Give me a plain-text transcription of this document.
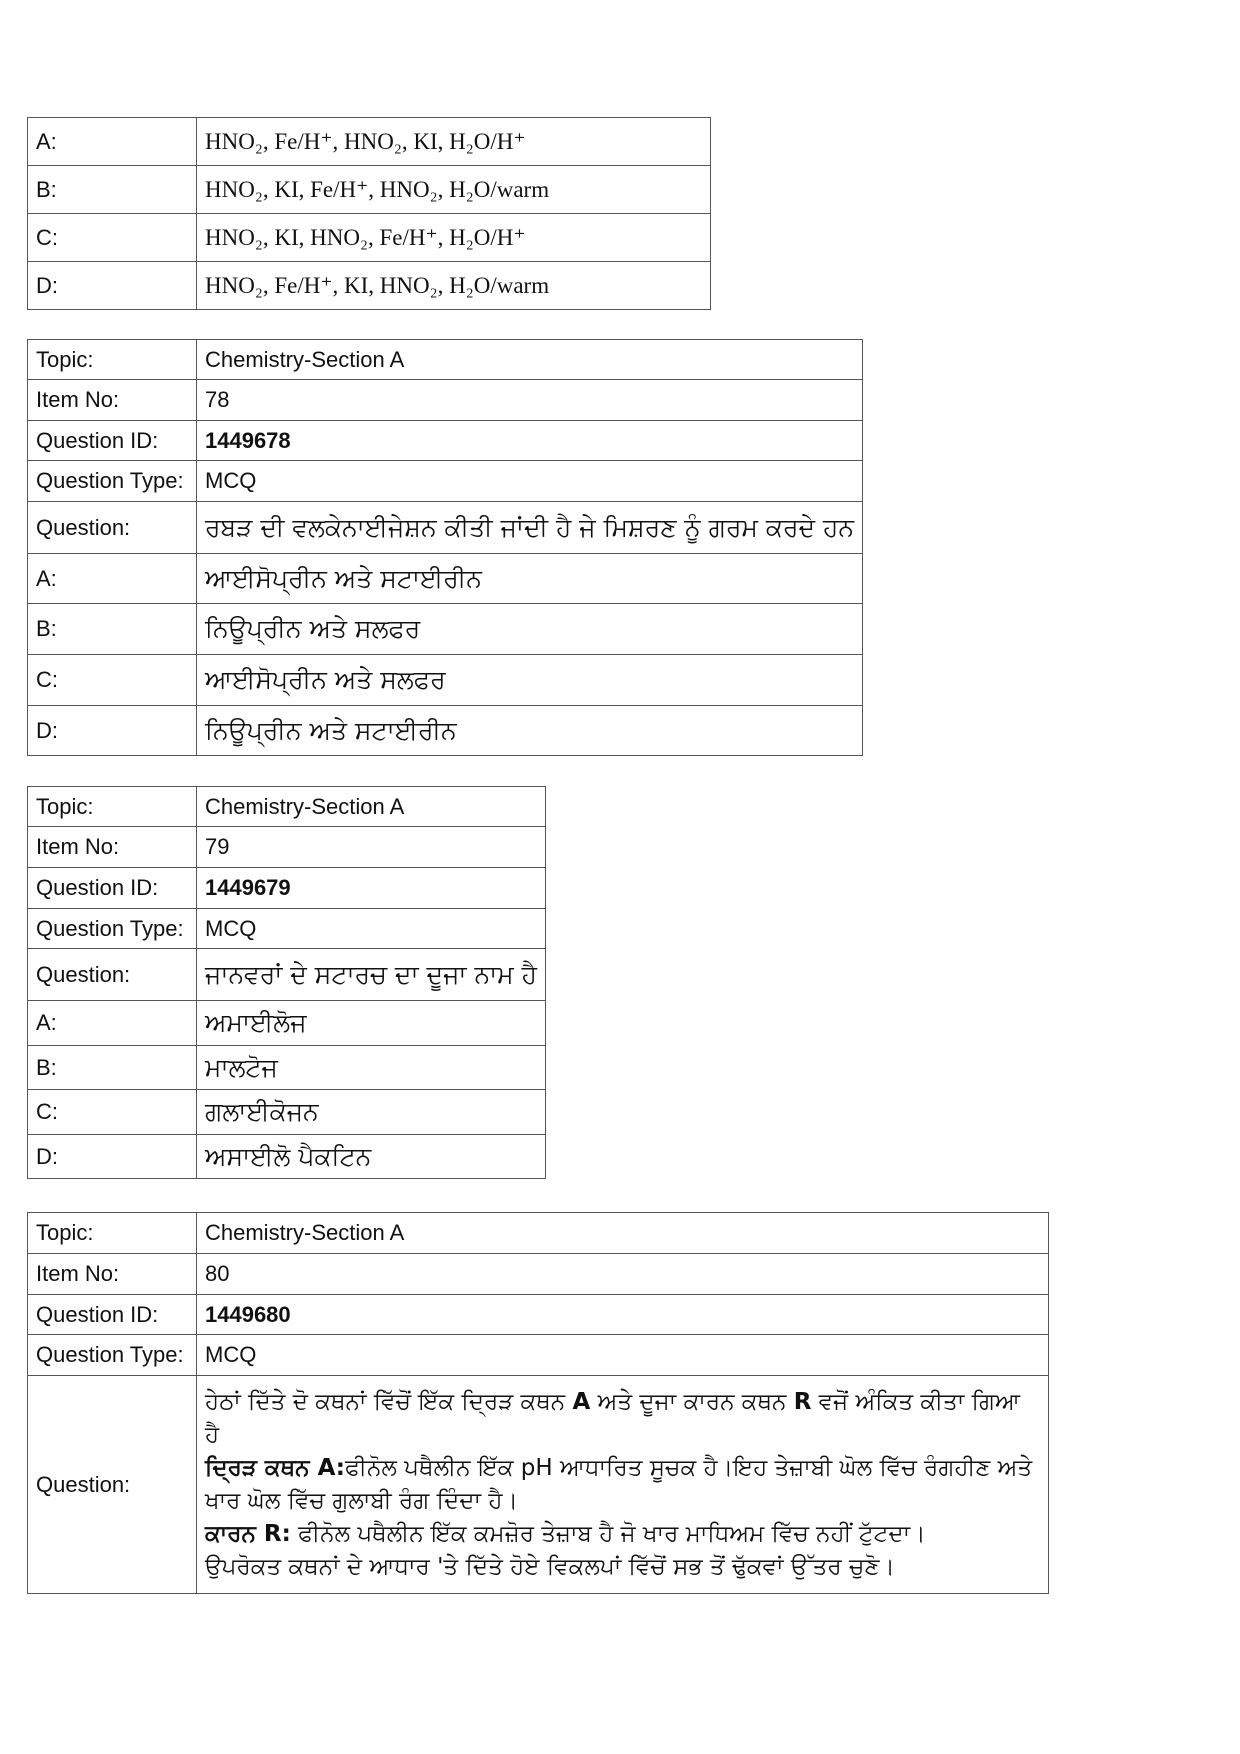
A:	HNO₂, Fe/H⁺, HNO₂, KI, H₂O/H⁺
B:	HNO₂, KI, Fe/H⁺, HNO₂, H₂O/warm
C:	HNO₂, KI, HNO₂, Fe/H⁺, H₂O/H⁺
D:	HNO₂, Fe/H⁺, KI, HNO₂, H₂O/warm
Topic:	Chemistry-Section A
Item No:	78
Question ID:	1449678
Question Type:	MCQ
Question:	ਰਬੜ ਦੀ ਵਲਕੇਨਾਈਜੇਸ਼ਨ ਕੀਤੀ ਜਾਂਦੀ ਹੈ ਜੇ ਮਿਸ਼ਰਣ ਨੂੰ ਗਰਮ ਕਰਦੇ ਹਨ
A:	ਆਈਸੋਪ੍ਰੀਨ ਅਤੇ ਸਟਾਈਰੀਨ
B:	ਨਿਊਪ੍ਰੀਨ ਅਤੇ ਸਲਫਰ
C:	ਆਈਸੋਪ੍ਰੀਨ ਅਤੇ ਸਲਫਰ
D:	ਨਿਊਪ੍ਰੀਨ ਅਤੇ ਸਟਾਈਰੀਨ
Topic:	Chemistry-Section A
Item No:	79
Question ID:	1449679
Question Type:	MCQ
Question:	ਜਾਨਵਰਾਂ ਦੇ ਸਟਾਰਚ ਦਾ ਦੂਜਾ ਨਾਮ ਹੈ
A:	ਅਮਾਈਲੋਜ
B:	ਮਾਲਟੋਜ
C:	ਗਲਾਈਕੋਜਨ
D:	ਅਸਾਈਲੋ ਪੈਕਟਿਨ
Topic:	Chemistry-Section A
Item No:	80
Question ID:	1449680
Question Type:	MCQ
Question:	ਹੇਠਾਂ ਦਿੱਤੇ ਦੋ ਕਥਨਾਂ ਵਿੱਚੋਂ ਇੱਕ ਦ੍ਰਿੜ ਕਥਨ A ਅਤੇ ਦੂਜਾ ਕਾਰਨ ਕਥਨ R ਵਜੋਂ ਅੰਕਿਤ ਕੀਤਾ ਗਿਆ ਹੈ
ਦ੍ਰਿੜ ਕਥਨ A:ਫੀਨੋਲ ਪਥੈਲੀਨ ਇੱਕ pH ਆਧਾਰਿਤ ਸੂਚਕ ਹੈ।ਇਹ ਤੇਜ਼ਾਬੀ ਘੋਲ ਵਿੱਚ ਰੰਗਹੀਣ ਅਤੇ ਖਾਰ ਘੋਲ ਵਿੱਚ ਗੁਲਾਬੀ ਰੰਗ ਦਿੰਦਾ ਹੈ।
ਕਾਰਨ R: ਫੀਨੋਲ ਪਥੈਲੀਨ ਇੱਕ ਕਮਜ਼ੋਰ ਤੇਜ਼ਾਬ ਹੈ ਜੋ ਖਾਰ ਮਾਧਿਅਮ ਵਿੱਚ ਨਹੀਂ ਟੁੱਟਦਾ।
ਉਪਰੋਕਤ ਕਥਨਾਂ ਦੇ ਆਧਾਰ 'ਤੇ ਦਿੱਤੇ ਹੋਏ ਵਿਕਲਪਾਂ ਵਿੱਚੋਂ ਸਭ ਤੋਂ ਢੁੱਕਵਾਂ ਉੱਤਰ ਚੁਣੋ।
